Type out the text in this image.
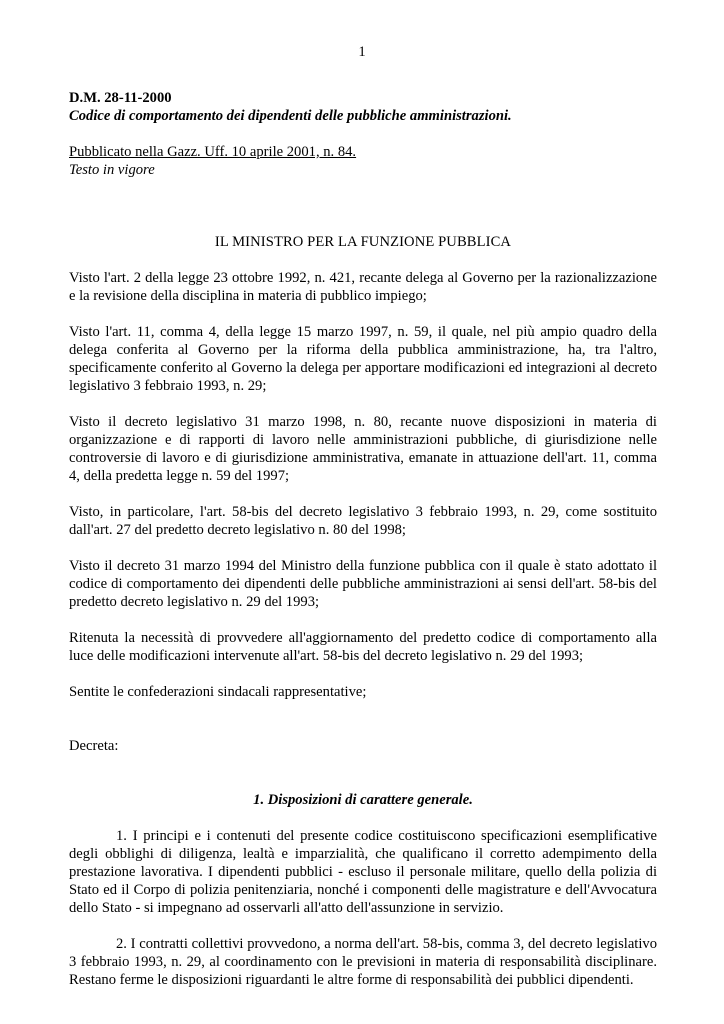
1

D.M. 28-11-2000

Codice di comportamento dei dipendenti delle pubbliche amministrazioni.

Pubblicato nella Gazz. Uff. 10 aprile 2001, n. 84.

Testo in vigore

IL MINISTRO PER LA FUNZIONE PUBBLICA

Visto l'art. 2 della legge 23 ottobre 1992, n. 421, recante delega al Governo per la razionalizzazione e la revisione della disciplina in materia di pubblico impiego;

Visto l'art. 11, comma 4, della legge 15 marzo 1997, n. 59, il quale, nel più ampio quadro della delega conferita al Governo per la riforma della pubblica amministrazione, ha, tra l'altro, specificamente conferito al Governo la delega per apportare modificazioni ed integrazioni al decreto legislativo 3 febbraio 1993, n. 29;

Visto il decreto legislativo 31 marzo 1998, n. 80, recante nuove disposizioni in materia di organizzazione e di rapporti di lavoro nelle amministrazioni pubbliche, di giurisdizione nelle controversie di lavoro e di giurisdizione amministrativa, emanate in attuazione dell'art. 11, comma 4, della predetta legge n. 59 del 1997;

Visto, in particolare, l'art. 58-bis del decreto legislativo 3 febbraio 1993, n. 29, come sostituito dall'art. 27 del predetto decreto legislativo n. 80 del 1998;

Visto il decreto 31 marzo 1994 del Ministro della funzione pubblica con il quale è stato adottato il codice di comportamento dei dipendenti delle pubbliche amministrazioni ai sensi dell'art. 58-bis del predetto decreto legislativo n. 29 del 1993;

Ritenuta la necessità di provvedere all'aggiornamento del predetto codice di comportamento alla luce delle modificazioni intervenute all'art. 58-bis del decreto legislativo n. 29 del 1993;

Sentite le confederazioni sindacali rappresentative;

Decreta:

1. Disposizioni di carattere generale.

1. I principi e i contenuti del presente codice costituiscono specificazioni esemplificative degli obblighi di diligenza, lealtà e imparzialità, che qualificano il corretto adempimento della prestazione lavorativa. I dipendenti pubblici - escluso il personale militare, quello della polizia di Stato ed il Corpo di polizia penitenziaria, nonché i componenti delle magistrature e dell'Avvocatura dello Stato - si impegnano ad osservarli all'atto dell'assunzione in servizio.

2. I contratti collettivi provvedono, a norma dell'art. 58-bis, comma 3, del decreto legislativo 3 febbraio 1993, n. 29, al coordinamento con le previsioni in materia di responsabilità disciplinare. Restano ferme le disposizioni riguardanti le altre forme di responsabilità dei pubblici dipendenti.
